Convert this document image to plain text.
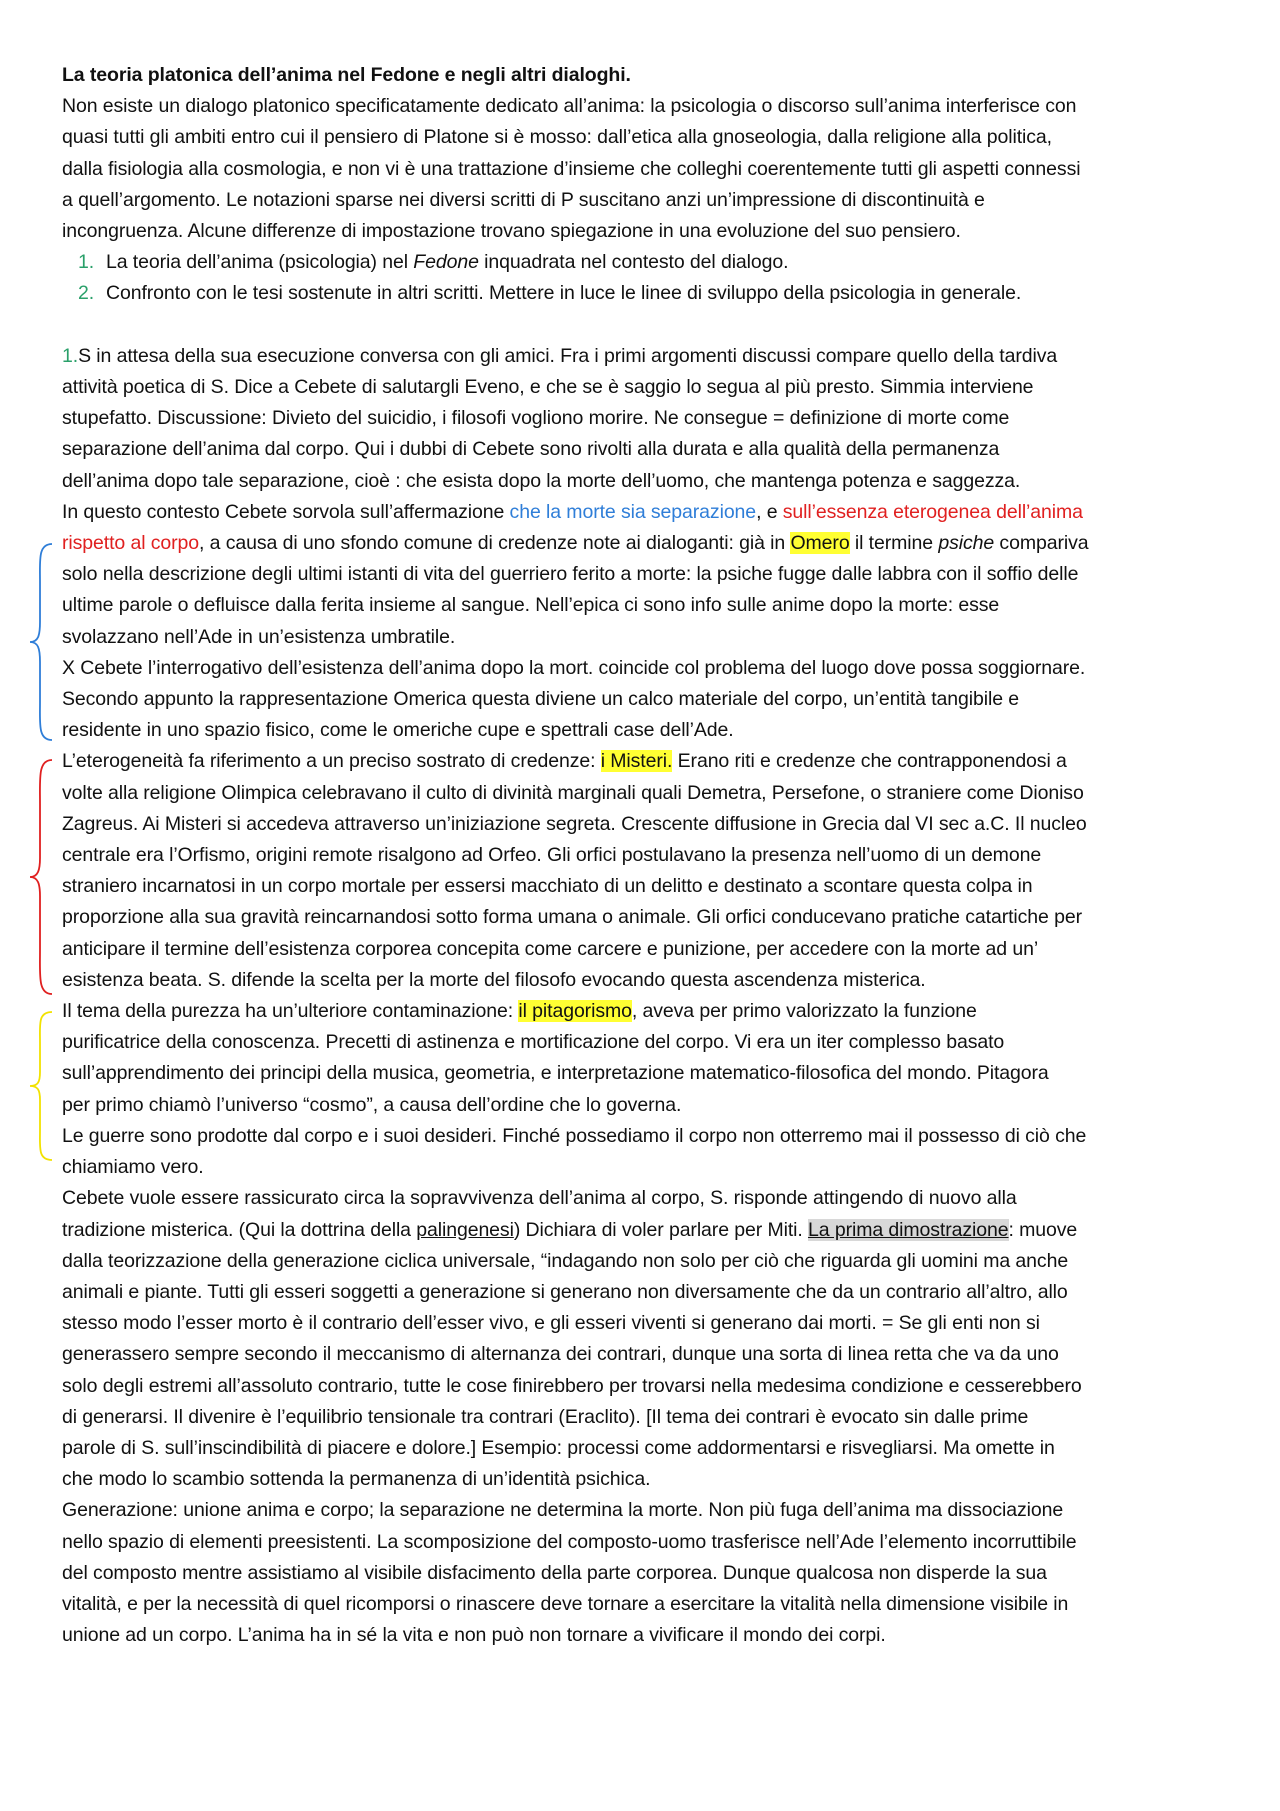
La teoria platonica dell’anima nel Fedone e negli altri dialoghi.
Non esiste un dialogo platonico specificatamente dedicato all’anima: la psicologia o discorso sull’anima interferisce con
quasi tutti gli ambiti entro cui il pensiero di Platone si è mosso: dall’etica alla gnoseologia, dalla religione alla politica,
dalla fisiologia alla cosmologia, e non vi è una trattazione d’insieme che colleghi coerentemente tutti gli aspetti connessi
a quell’argomento. Le notazioni sparse nei diversi scritti di P suscitano anzi un’impressione di discontinuità e
incongruenza. Alcune differenze di impostazione trovano spiegazione in una evoluzione del suo pensiero.
1. La teoria dell’anima (psicologia) nel Fedone inquadrata nel contesto del dialogo.
2. Confronto con le tesi sostenute in altri scritti. Mettere in luce le linee di sviluppo della psicologia in generale.
1.S in attesa della sua esecuzione conversa con gli amici. Fra i primi argomenti discussi compare quello della tardiva
attività poetica di S. Dice a Cebete di salutargli Eveno, e che se è saggio lo segua al più presto. Simmia interviene
stupefatto. Discussione: Divieto del suicidio, i filosofi vogliono morire. Ne consegue = definizione di morte come
separazione dell’anima dal corpo. Qui i dubbi di Cebete sono rivolti alla durata e alla qualità della permanenza
dell’anima dopo tale separazione, cioè : che esista dopo la morte dell’uomo, che mantenga potenza e saggezza.
In questo contesto Cebete sorvola sull’affermazione che la morte sia separazione, e sull’essenza eterogenea dell’anima
rispetto al corpo, a causa di uno sfondo comune di credenze note ai dialoganti: già in Omero il termine psiche compariva
solo nella descrizione degli ultimi istanti di vita del guerriero ferito a morte: la psiche fugge dalle labbra con il soffio delle
ultime parole o defluisce dalla ferita insieme al sangue. Nell’epica ci sono info sulle anime dopo la morte: esse
svolazzano nell’Ade in un’esistenza umbratile.
X Cebete l’interrogativo dell’esistenza dell’anima dopo la mort. coincide col problema del luogo dove possa soggiornare.
Secondo appunto la rappresentazione Omerica questa diviene un calco materiale del corpo, un’entità tangibile e
residente in uno spazio fisico, come le omeriche cupe e spettrali case dell’Ade.
L’eterogeneità fa riferimento a un preciso sostrato di credenze: i Misteri. Erano riti e credenze che contrapponendosi a
volte alla religione Olimpica celebravano il culto di divinità marginali quali Demetra, Persefone, o straniere come Dioniso
Zagreus. Ai Misteri si accedeva attraverso un’iniziazione segreta. Crescente diffusione in Grecia dal VI sec a.C. Il nucleo
centrale era l’Orfismo, origini remote risalgono ad Orfeo. Gli orfici postulavano la presenza nell’uomo di un demone
straniero incarnatosi in un corpo mortale per essersi macchiato di un delitto e destinato a scontare questa colpa in
proporzione alla sua gravità reincarnandosi sotto forma umana o animale. Gli orfici conducevano pratiche catartiche per
anticipare il termine dell’esistenza corporea concepita come carcere e punizione, per accedere con la morte ad un’
esistenza beata. S. difende la scelta per la morte del filosofo evocando questa ascendenza misterica.
Il tema della purezza ha un’ulteriore contaminazione: il pitagorismo, aveva per primo valorizzato la funzione
purificatrice della conoscenza. Precetti di astinenza e mortificazione del corpo. Vi era un iter complesso basato
sull’apprendimento dei principi della musica, geometria, e interpretazione matematico-filosofica del mondo. Pitagora
per primo chiamò l’universo “cosmo”, a causa dell’ordine che lo governa.
Le guerre sono prodotte dal corpo e i suoi desideri. Finché possediamo il corpo non otterremo mai il possesso di ciò che
chiamiamo vero.
Cebete vuole essere rassicurato circa la sopravvivenza dell’anima al corpo, S. risponde attingendo di nuovo alla
tradizione misterica. (Qui la dottrina della palingenesi) Dichiara di voler parlare per Miti. La prima dimostrazione: muove
dalla teorizzazione della generazione ciclica universale, “indagando non solo per ciò che riguarda gli uomini ma anche
animali e piante. Tutti gli esseri soggetti a generazione si generano non diversamente che da un contrario all’altro, allo
stesso modo l’esser morto è il contrario dell’esser vivo, e gli esseri viventi si generano dai morti. = Se gli enti non si
generassero sempre secondo il meccanismo di alternanza dei contrari, dunque una sorta di linea retta che va da uno
solo degli estremi all’assoluto contrario, tutte le cose finirebbero per trovarsi nella medesima condizione e cesserebbero
di generarsi. Il divenire è l’equilibrio tensionale tra contrari (Eraclito). [Il tema dei contrari è evocato sin dalle prime
parole di S. sull’inscindibilità di piacere e dolore.] Esempio: processi come addormentarsi e risvegliarsi. Ma omette in
che modo lo scambio sottenda la permanenza di un’identità psichica.
Generazione: unione anima e corpo; la separazione ne determina la morte. Non più fuga dell’anima ma dissociazione
nello spazio di elementi preesistenti. La scomposizione del composto-uomo trasferisce nell’Ade l’elemento incorruttibile
del composto mentre assistiamo al visibile disfacimento della parte corporea. Dunque qualcosa non disperde la sua
vitalità, e per la necessità di quel ricomporsi o rinascere deve tornare a esercitare la vitalità nella dimensione visibile in
unione ad un corpo. L’anima ha in sé la vita e non può non tornare a vivificare il mondo dei corpi.
